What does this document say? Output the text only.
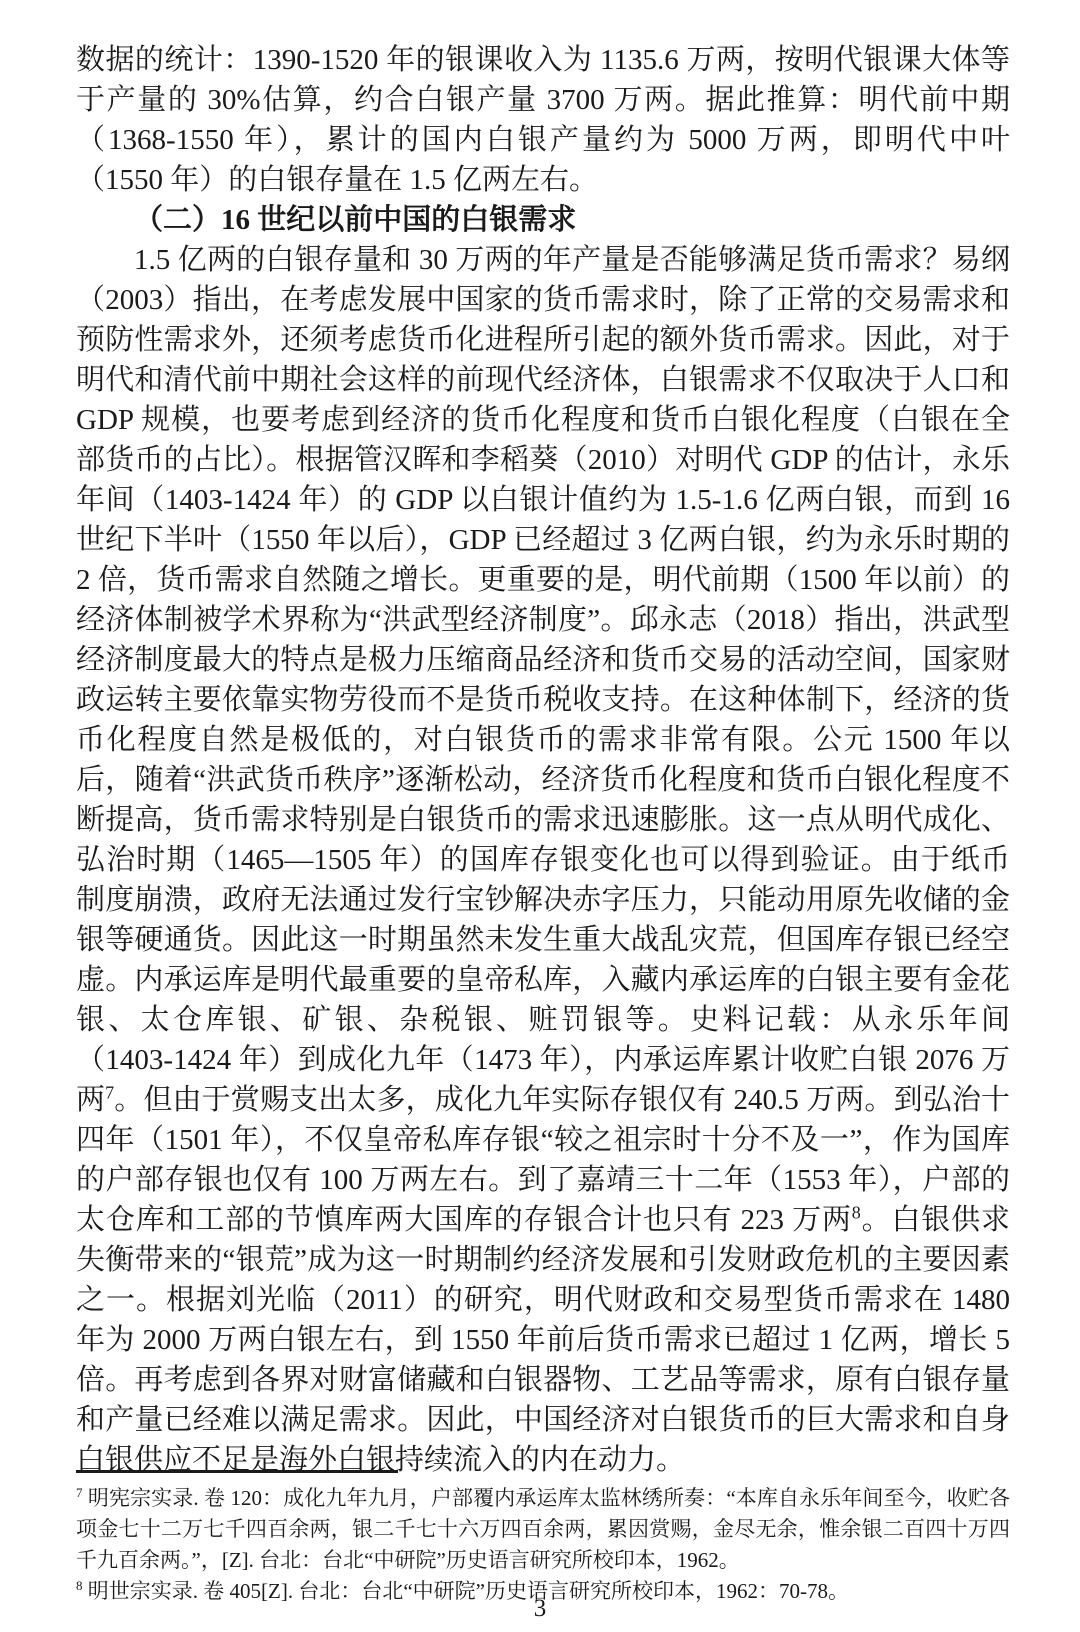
数据的统计：1390-1520 年的银课收入为 1135.6 万两，按明代银课大体等于产量的 30%估算，约合白银产量 3700 万两。据此推算：明代前中期（1368-1550 年），累计的国内白银产量约为 5000 万两，即明代中叶（1550 年）的白银存量在 1.5 亿两左右。

（二）16 世纪以前中国的白银需求

1.5 亿两的白银存量和 30 万两的年产量是否能够满足货币需求？易纲（2003）指出，在考虑发展中国家的货币需求时，除了正常的交易需求和预防性需求外，还须考虑货币化进程所引起的额外货币需求。因此，对于明代和清代前中期社会这样的前现代经济体，白银需求不仅取决于人口和 GDP 规模，也要考虑到经济的货币化程度和货币白银化程度（白银在全部货币的占比）。根据管汉晖和李稻葵（2010）对明代 GDP 的估计，永乐年间（1403-1424 年）的 GDP 以白银计值约为 1.5-1.6 亿两白银，而到 16 世纪下半叶（1550 年以后），GDP 已经超过 3 亿两白银，约为永乐时期的 2 倍，货币需求自然随之增长。更重要的是，明代前期（1500 年以前）的经济体制被学术界称为“洪武型经济制度”。邱永志（2018）指出，洪武型经济制度最大的特点是极力压缩商品经济和货币交易的活动空间，国家财政运转主要依靠实物劳役而不是货币税收支持。在这种体制下，经济的货币化程度自然是极低的，对白银货币的需求非常有限。公元 1500 年以后，随着“洪武货币秩序”逐渐松动，经济货币化程度和货币白银化程度不断提高，货币需求特别是白银货币的需求迅速膨胀。这一点从明代成化、弘治时期（1465—1505 年）的国库存银变化也可以得到验证。由于纸币制度崩溃，政府无法通过发行宝钞解决赤字压力，只能动用原先收储的金银等硬通货。因此这一时期虽然未发生重大战乱灾荒，但国库存银已经空虚。内承运库是明代最重要的皇帝私库，入藏内承运库的白银主要有金花银、太仓库银、矿银、杂税银、赃罚银等。史料记载：从永乐年间（1403-1424 年）到成化九年（1473 年），内承运库累计收贮白银 2076 万两$^7$。但由于赏赐支出太多，成化九年实际存银仅有 240.5 万两。到弘治十四年（1501 年），不仅皇帝私库存银“较之祖宗时十分不及一”，作为国库的户部存银也仅有 100 万两左右。到了嘉靖三十二年（1553 年），户部的太仓库和工部的节慎库两大国库的存银合计也只有 223 万两$^8$。白银供求失衡带来的“银荒”成为这一时期制约经济发展和引发财政危机的主要因素之一。根据刘光临（2011）的研究，明代财政和交易型货币需求在 1480 年为 2000 万两白银左右，到 1550 年前后货币需求已超过 1 亿两，增长 5 倍。再考虑到各界对财富储藏和白银器物、工艺品等需求，原有白银存量和产量已经难以满足需求。因此，中国经济对白银货币的巨大需求和自身白银供应不足是海外白银持续流入的内在动力。

$^7$ 明宪宗实录. 卷 120：成化九年九月，户部覆内承运库太监林绣所奏：“本库自永乐年间至今，收贮各项金七十二万七千四百余两，银二千七十六万四百余两，累因赏赐，金尽无余，惟余银二百四十万四千九百余两。”，[Z]. 台北：台北“中研院”历史语言研究所校印本，1962。

$^8$ 明世宗实录. 卷 405[Z]. 台北：台北“中研院”历史语言研究所校印本，1962：70-78。

3
